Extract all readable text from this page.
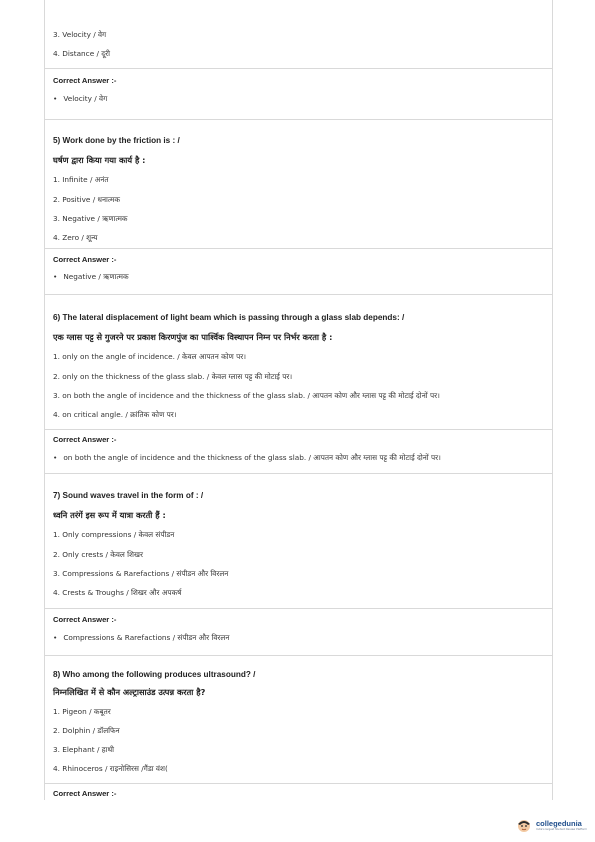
3. Velocity / वेग
4. Distance / दूरी
Correct Answer :-
• Velocity / वेग
5) Work done by the friction is : /
घर्षण द्वारा किया गया कार्य है :
1. Infinite / अनंत
2. Positive / धनात्मक
3. Negative / ऋणात्मक
4. Zero / शून्य
Correct Answer :-
• Negative / ऋणात्मक
6) The lateral displacement of light beam which is passing through a glass slab depends: /
एक ग्लास पट्ट से गुजरने पर प्रकाश किरणपुंज का पार्श्विक विस्थापन निम्न पर निर्भर करता है :
1. only on the angle of incidence. / केवल आपतन कोण पर।
2. only on the thickness of the glass slab. / केवल ग्लास पट्ट की मोटाई पर।
3. on both the angle of incidence and the thickness of the glass slab. / आपतन कोण और ग्लास पट्ट की मोटाई दोनों पर।
4. on critical angle. / क्रांतिक कोण पर।
Correct Answer :-
• on both the angle of incidence and the thickness of the glass slab. / आपतन कोण और ग्लास पट्ट की मोटाई दोनों पर।
7) Sound waves travel in the form of : /
ध्वनि तरंगें इस रूप में यात्रा करती हैं :
1. Only compressions / केवल संपीडन
2. Only crests / केवल शिखर
3. Compressions & Rarefactions / संपीडन और विरलन
4. Crests & Troughs / शिखर और अपकर्ष
Correct Answer :-
• Compressions & Rarefactions / संपीडन और विरलन
8) Who among the following produces ultrasound? /
निम्नलिखित में से कौन अल्ट्रासाउंड उत्पन्न करता है?
1. Pigeon / कबूतर
2. Dolphin / डॉलफिन
3. Elephant / हाथी
4. Rhinoceros / राइनोसिरस /गैंडा वंश(
Correct Answer :-
collegedunia
India's largest Student Review Platform
